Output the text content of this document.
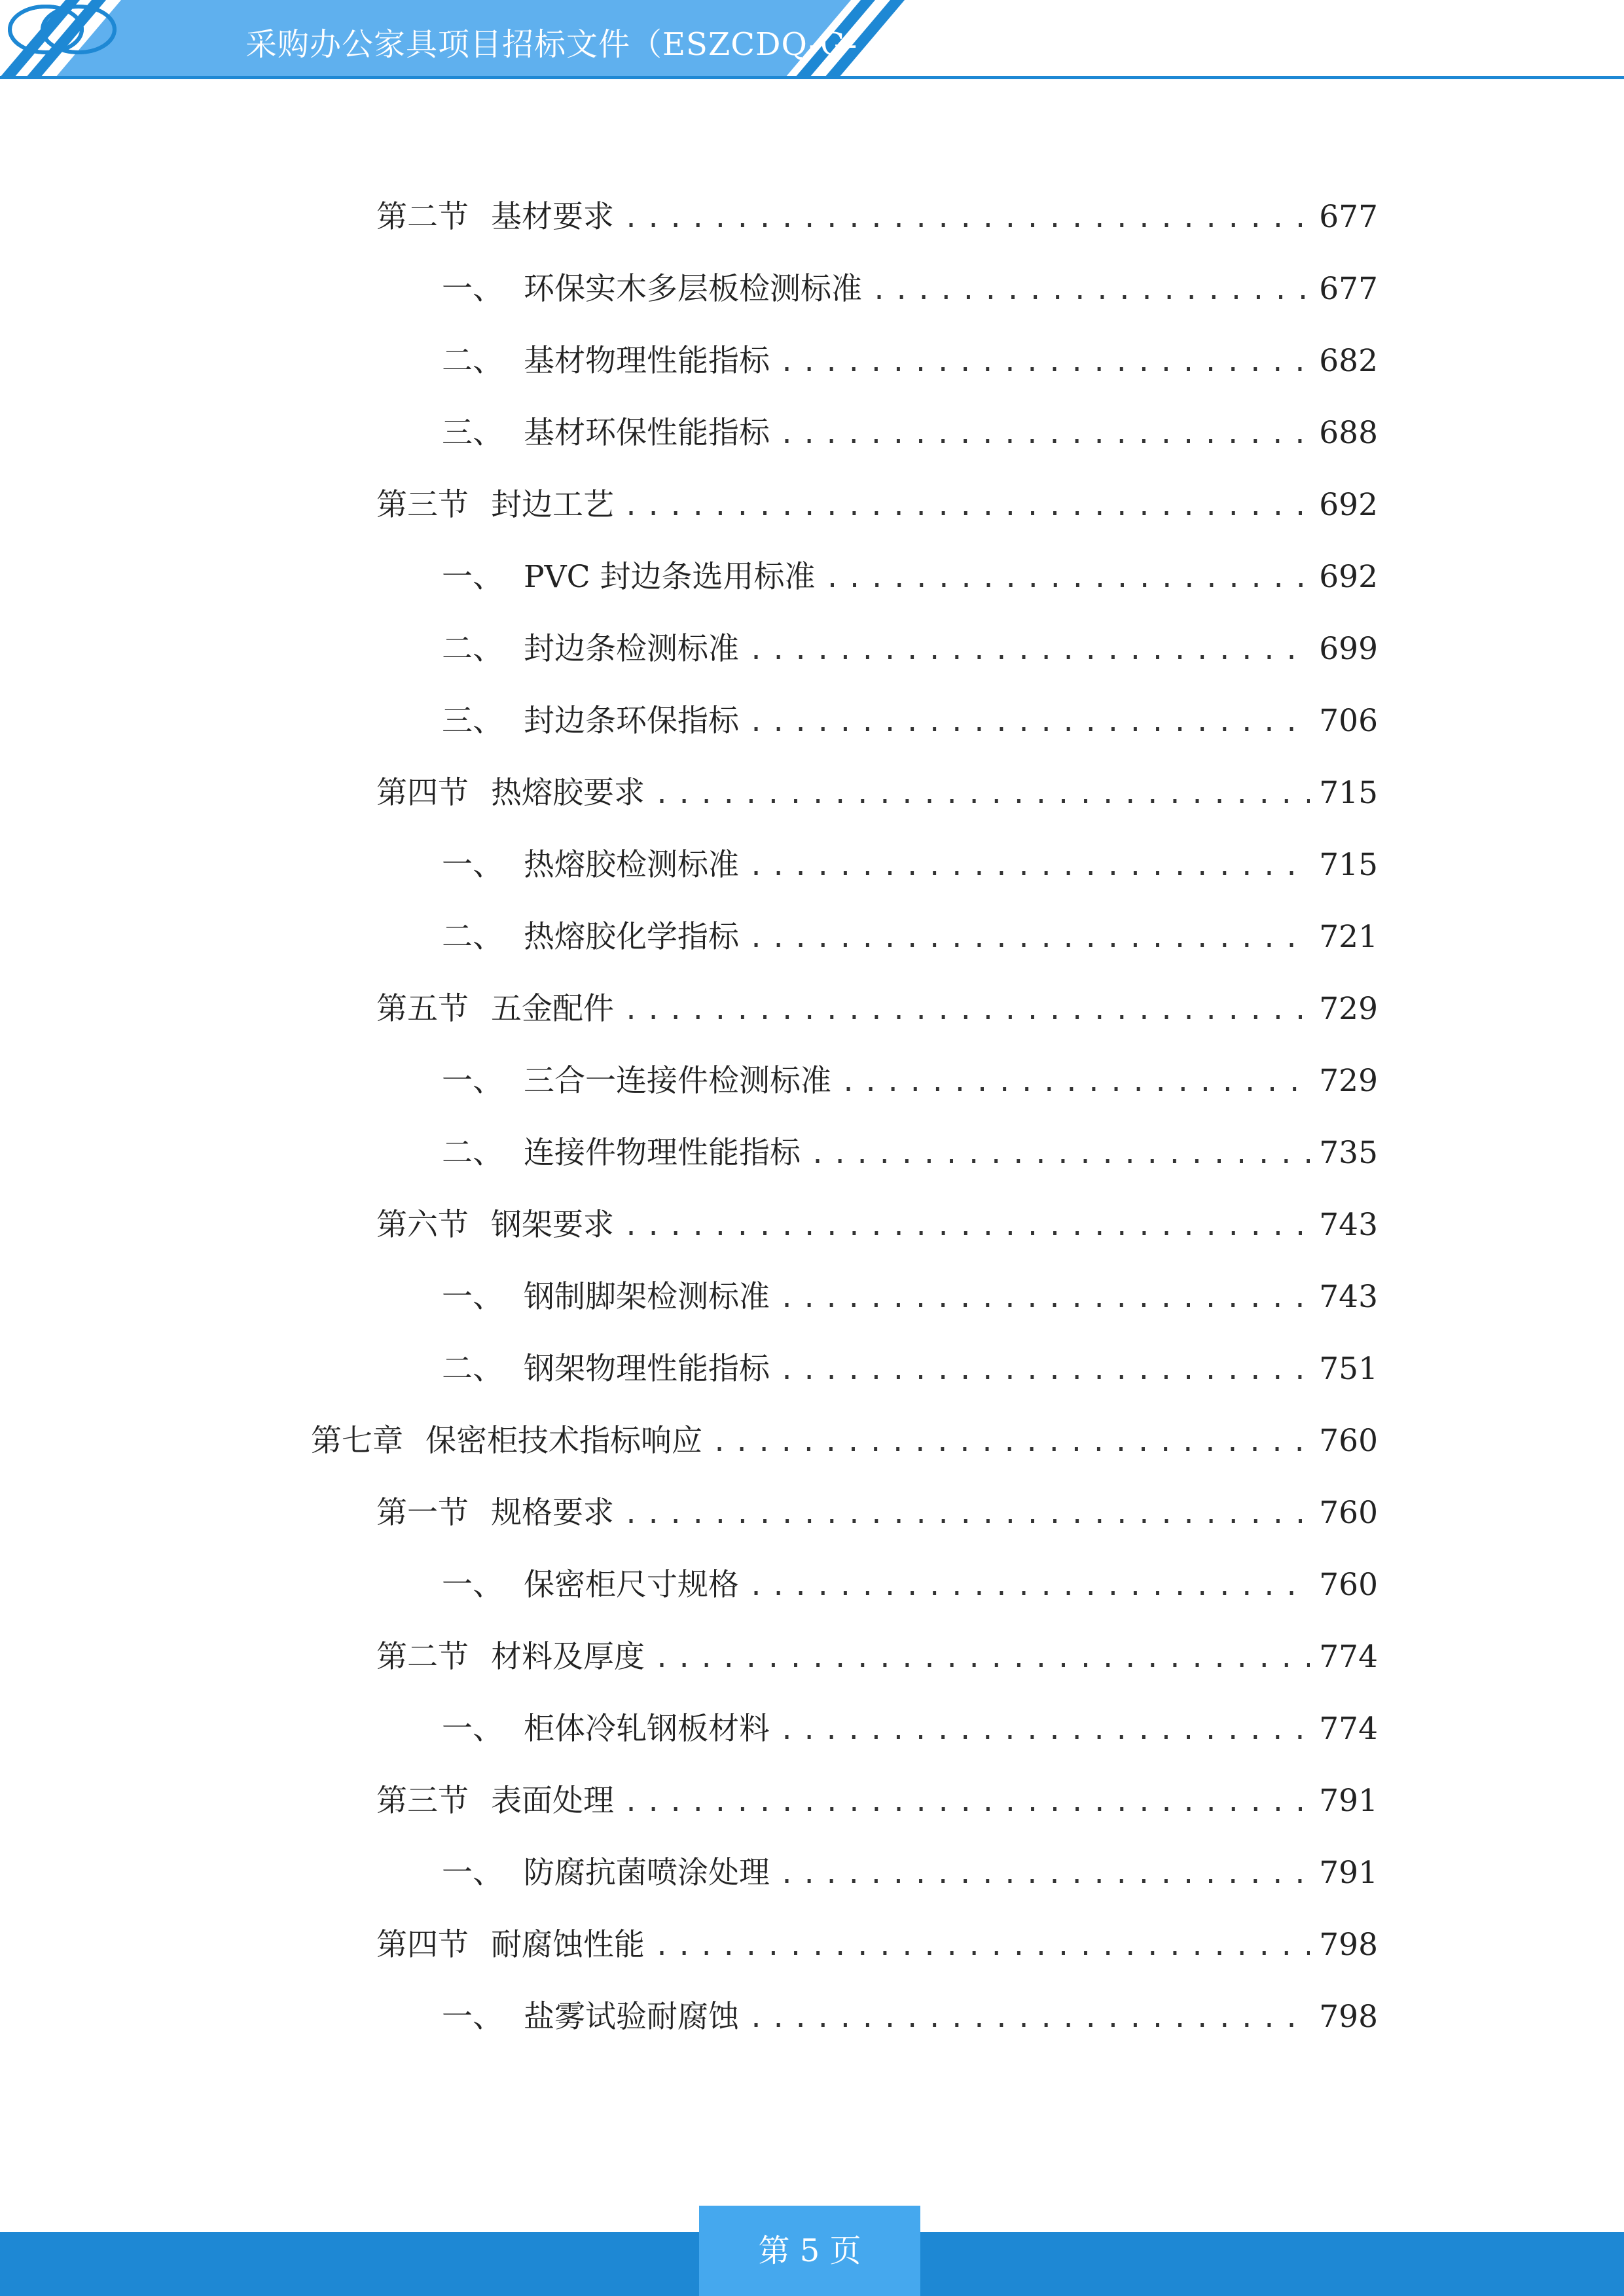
采购办公家具项目招标文件（ESZCDQ-G-
第二节 基材要求 .....	677
一、 环保实木多层板检测标准 .....	677
二、 基材物理性能指标 .....	682
三、 基材环保性能指标 .....	688
第三节 封边工艺 .....	692
一、 PVC 封边条选用标准 .....	692
二、 封边条检测标准 .....	699
三、 封边条环保指标 .....	706
第四节 热熔胶要求 .....	715
一、 热熔胶检测标准 .....	715
二、 热熔胶化学指标 .....	721
第五节 五金配件 .....	729
一、 三合一连接件检测标准 .....	729
二、 连接件物理性能指标 .....	735
第六节 钢架要求 .....	743
一、 钢制脚架检测标准 .....	743
二、 钢架物理性能指标 .....	751
第七章 保密柜技术指标响应 .....	760
第一节 规格要求 .....	760
一、 保密柜尺寸规格 .....	760
第二节 材料及厚度 .....	774
一、 柜体冷轧钢板材料 .....	774
第三节 表面处理 .....	791
一、 防腐抗菌喷涂处理 .....	791
第四节 耐腐蚀性能 .....	798
一、 盐雾试验耐腐蚀 .....	798
第 5 页
